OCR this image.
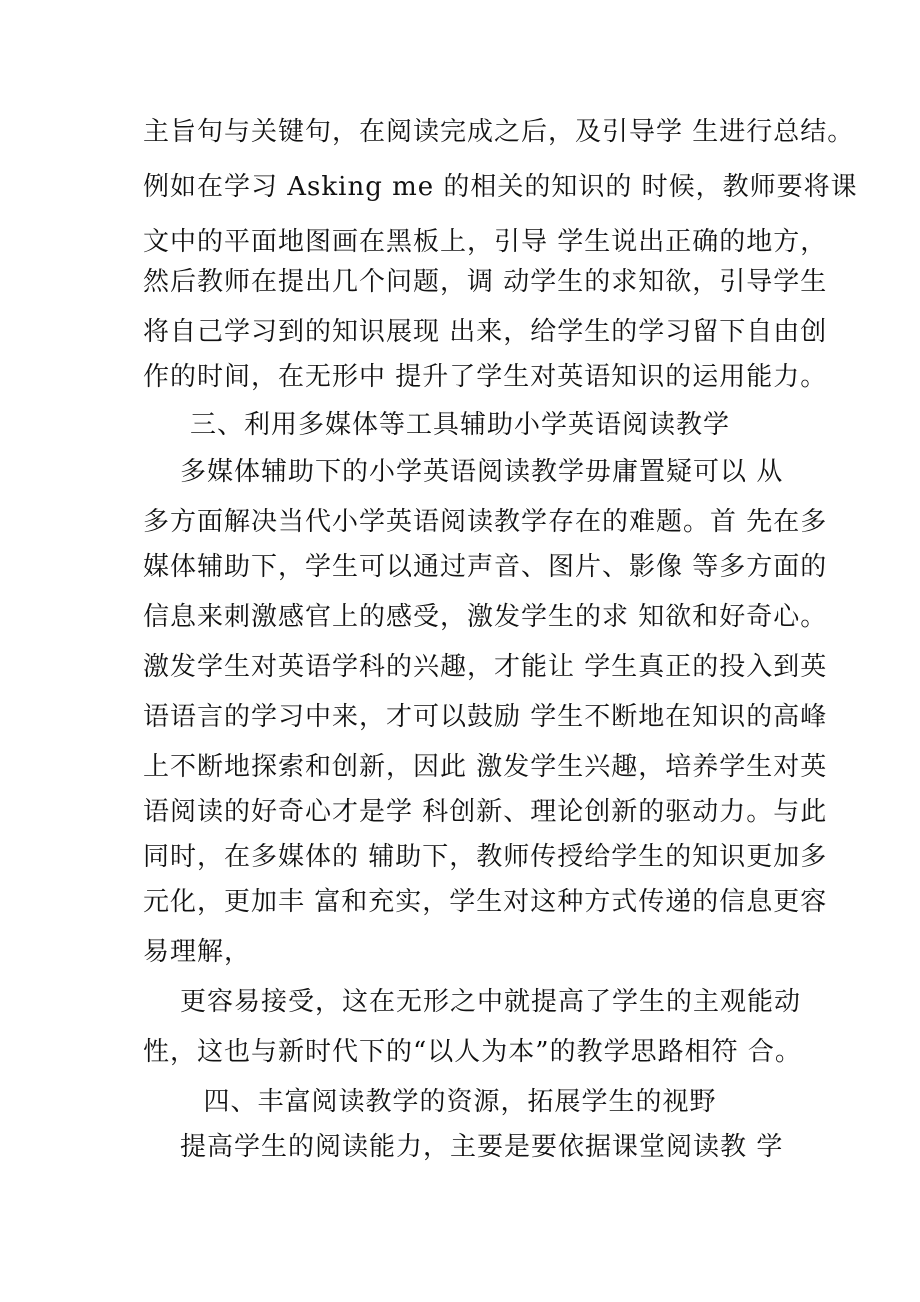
主旨句与关键句，在阅读完成之后，及引导学 生进行总结。
例如在学习 Asking me 的相关的知识的 时候，教师要将课
文中的平面地图画在黑板上，引导 学生说出正确的地方，
然后教师在提出几个问题，调 动学生的求知欲，引导学生
将自己学习到的知识展现 出来，给学生的学习留下自由创
作的时间，在无形中 提升了学生对英语知识的运用能力。
三、利用多媒体等工具辅助小学英语阅读教学
多媒体辅助下的小学英语阅读教学毋庸置疑可以 从
多方面解决当代小学英语阅读教学存在的难题。首 先在多
媒体辅助下，学生可以通过声音、图片、影像 等多方面的
信息来刺激感官上的感受，激发学生的求 知欲和好奇心。
激发学生对英语学科的兴趣，才能让 学生真正的投入到英
语语言的学习中来，才可以鼓励 学生不断地在知识的高峰
上不断地探索和创新，因此 激发学生兴趣，培养学生对英
语阅读的好奇心才是学 科创新、理论创新的驱动力。与此
同时，在多媒体的 辅助下，教师传授给学生的知识更加多
元化，更加丰 富和充实，学生对这种方式传递的信息更容
易理解，
更容易接受，这在无形之中就提高了学生的主观能动
性，这也与新时代下的“以人为本”的教学思路相符 合。
四、丰富阅读教学的资源，拓展学生的视野
提高学生的阅读能力，主要是要依据课堂阅读教 学
